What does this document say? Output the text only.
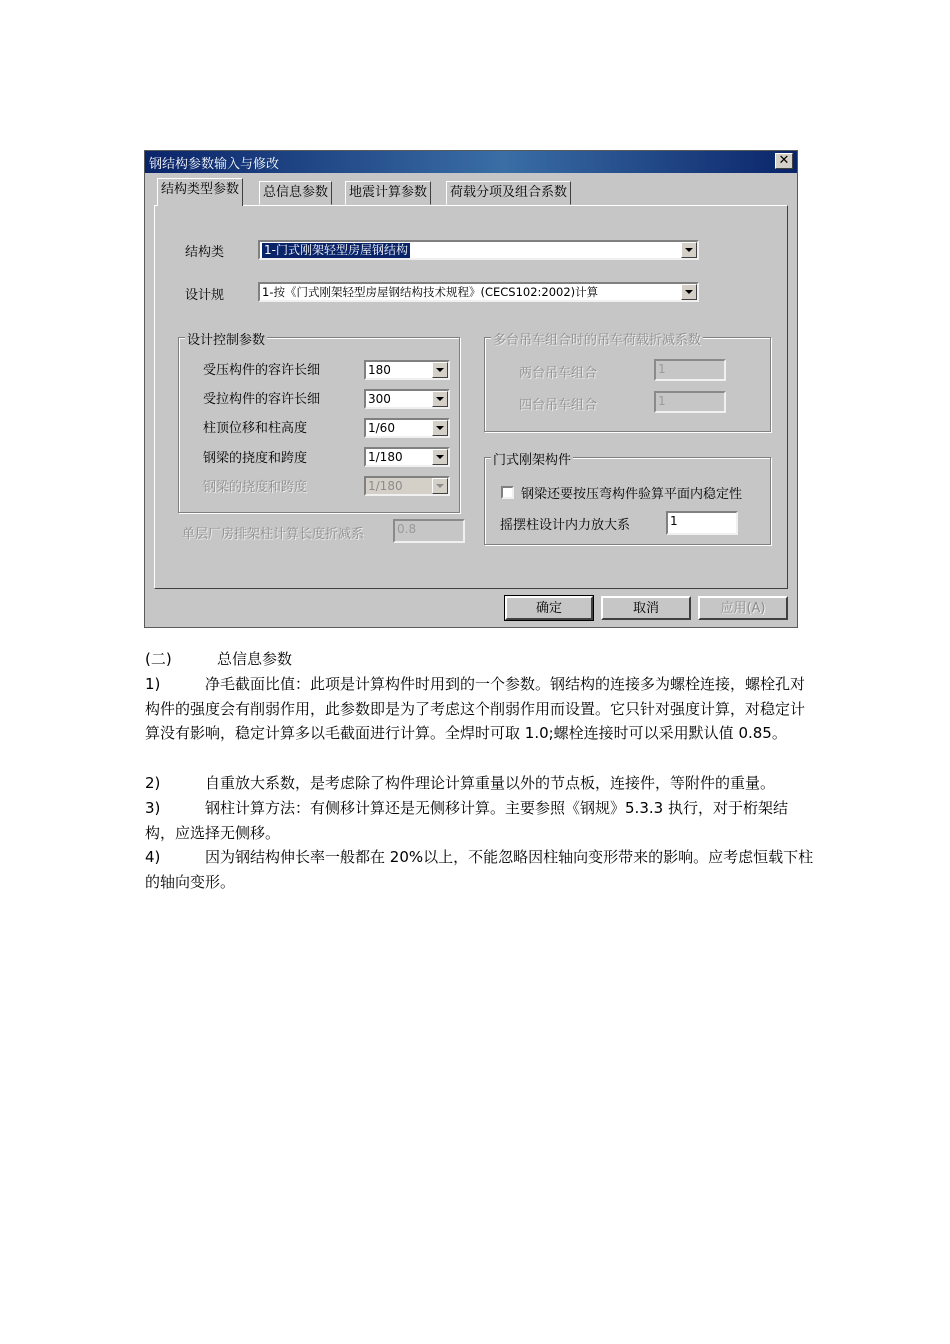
钢结构参数输入与修改	✕
结构类型参数	总信息参数	地震计算参数	荷载分项及组合系数
结构类	1-门式刚架轻型房屋钢结构
设计规	1-按《门式刚架轻型房屋钢结构技术规程》(CECS102:2002)计算
设计控制参数
受压构件的容许长细	180
受拉构件的容许长细	300
柱顶位移和柱高度	1/60
钢梁的挠度和跨度	1/180
钢梁的挠度和跨度	1/180
单层厂房排架柱计算长度折减系	0.8
多台吊车组合时的吊车荷载折减系数
两台吊车组合	1
四台吊车组合	1
门式刚架构件
钢梁还要按压弯构件验算平面内稳定性
摇摆柱设计内力放大系	1
确定	取消	应用(A)
(二)	总信息参数
1)	净毛截面比值：此项是计算构件时用到的一个参数。钢结构的连接多为螺栓连接，螺栓孔对构件的强度会有削弱作用，此参数即是为了考虑这个削弱作用而设置。它只针对强度计算，对稳定计算没有影响，稳定计算多以毛截面进行计算。全焊时可取 1.0;螺栓连接时可以采用默认值 0.85。
2)	自重放大系数，是考虑除了构件理论计算重量以外的节点板，连接件，等附件的重量。
3)	钢柱计算方法：有侧移计算还是无侧移计算。主要参照《钢规》5.3.3 执行，对于桁架结构，应选择无侧移。
4)	因为钢结构伸长率一般都在 20%以上，不能忽略因柱轴向变形带来的影响。应考虑恒载下柱的轴向变形。
